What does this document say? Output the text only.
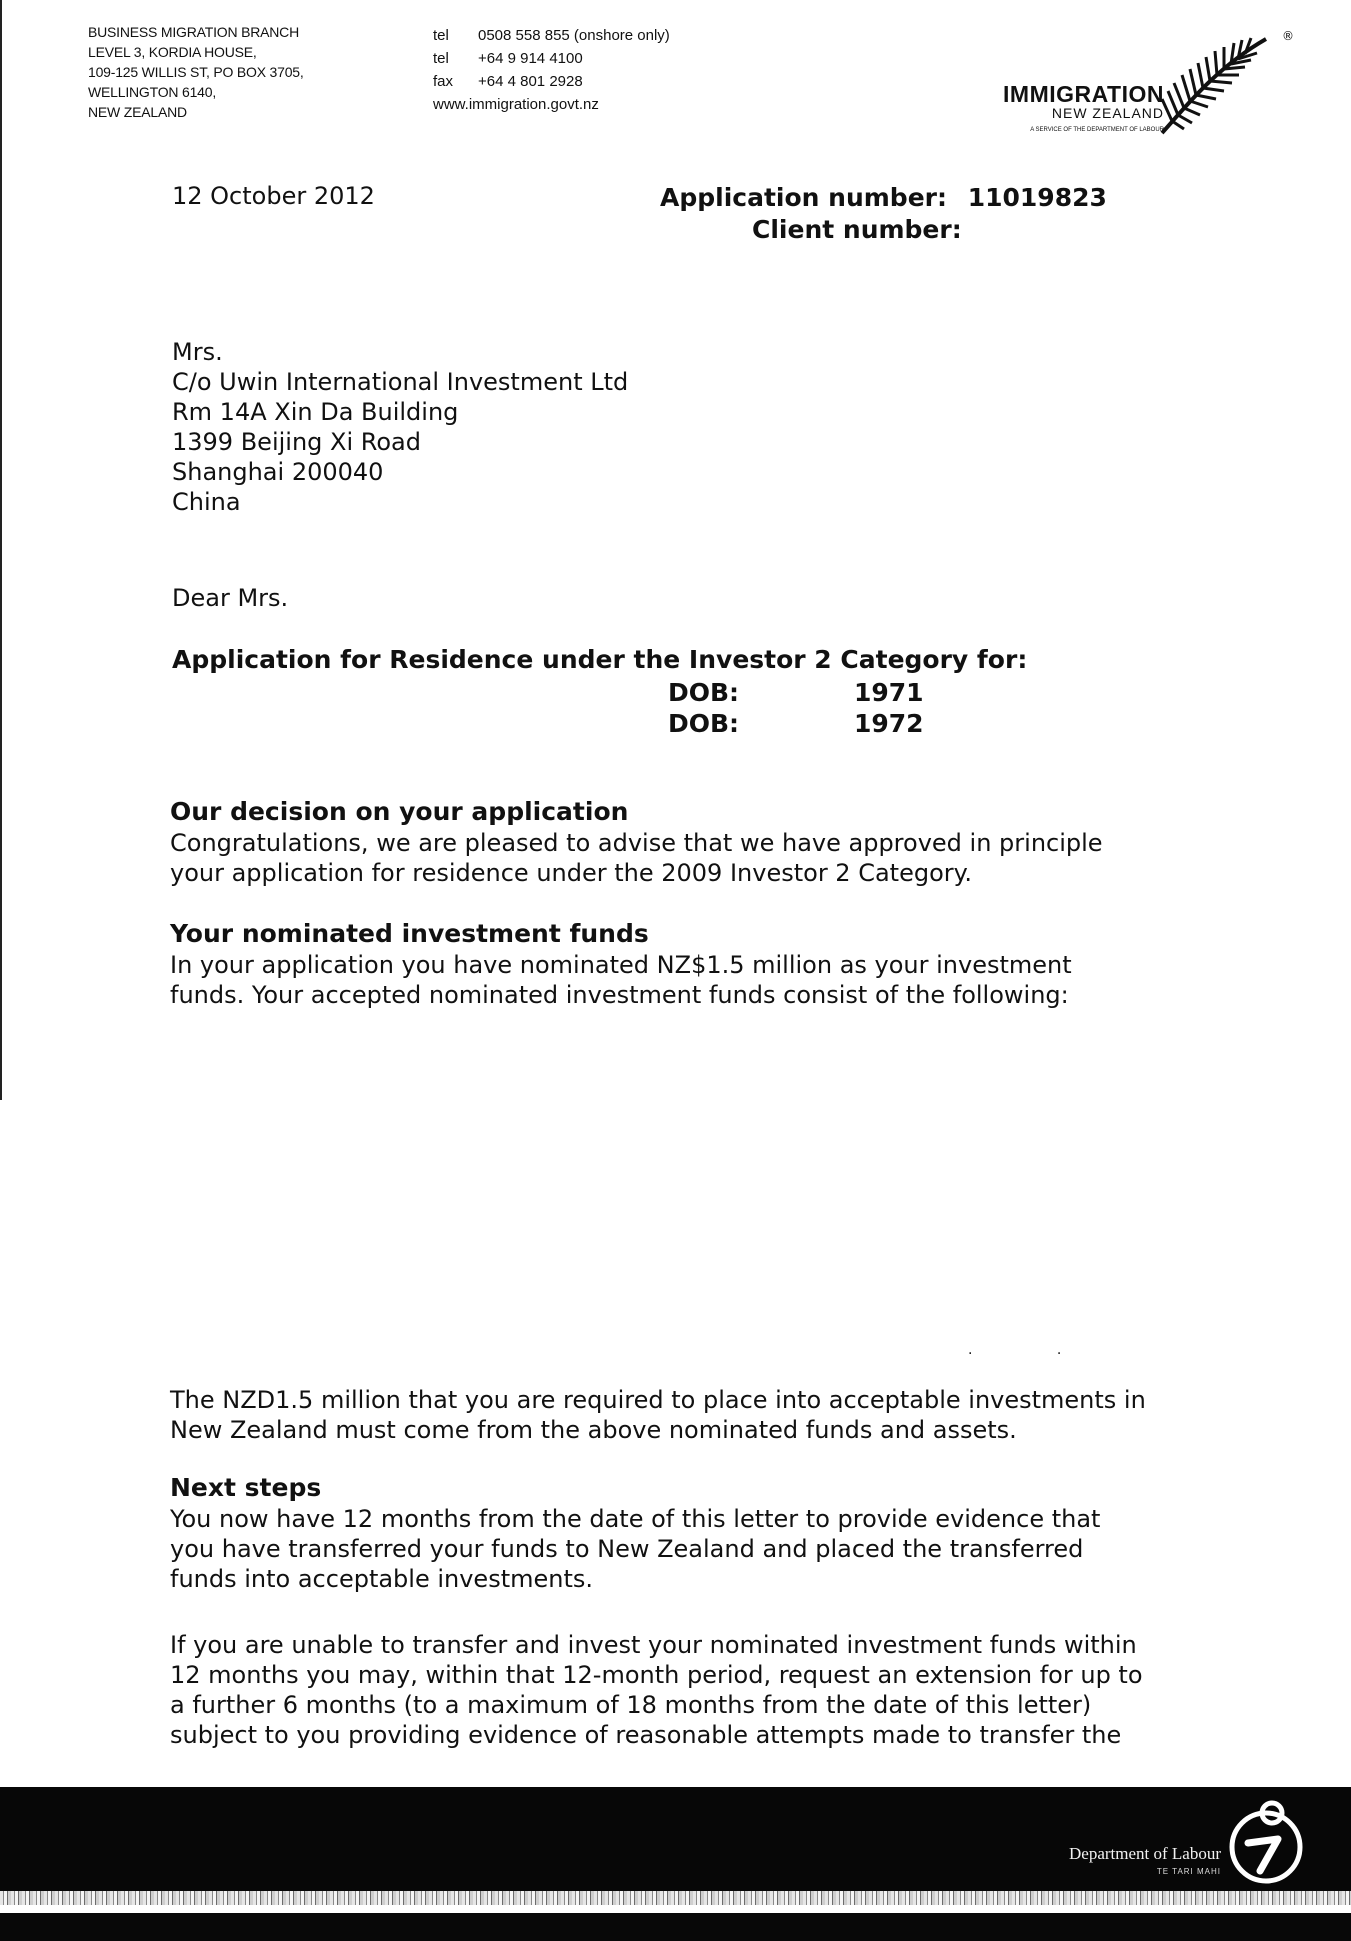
BUSINESS MIGRATION BRANCH
LEVEL 3, KORDIA HOUSE,
109-125 WILLIS ST, PO BOX 3705,
WELLINGTON 6140,
NEW ZEALAND
tel	0508 558 855 (onshore only)
tel	+64 9 914 4100
fax	+64 4 801 2928
www.immigration.govt.nz	IMMIGRATION
NEW ZEALAND
A SERVICE OF THE DEPARTMENT OF LABOUR
®
12 October 2012	Application number: 11019823
Client number:
Mrs.
C/o Uwin International Investment Ltd
Rm 14A Xin Da Building
1399 Beijing Xi Road
Shanghai 200040
China
Dear Mrs.
Application for Residence under the Investor 2 Category for:
DOB:	1971
DOB:	1972
Our decision on your application

Congratulations, we are pleased to advise that we have approved in principle

your application for residence under the 2009 Investor 2 Category.

Your nominated investment funds

In your application you have nominated NZ$1.5 million as your investment

funds. Your accepted nominated investment funds consist of the following:

. .

The NZD1.5 million that you are required to place into acceptable investments in

New Zealand must come from the above nominated funds and assets.

Next steps

You now have 12 months from the date of this letter to provide evidence that

you have transferred your funds to New Zealand and placed the transferred

funds into acceptable investments.

If you are unable to transfer and invest your nominated investment funds within

12 months you may, within that 12-month period, request an extension for up to

a further 6 months (to a maximum of 18 months from the date of this letter)

subject to you providing evidence of reasonable attempts made to transfer the

Department of Labour
TE TARI MAHI
